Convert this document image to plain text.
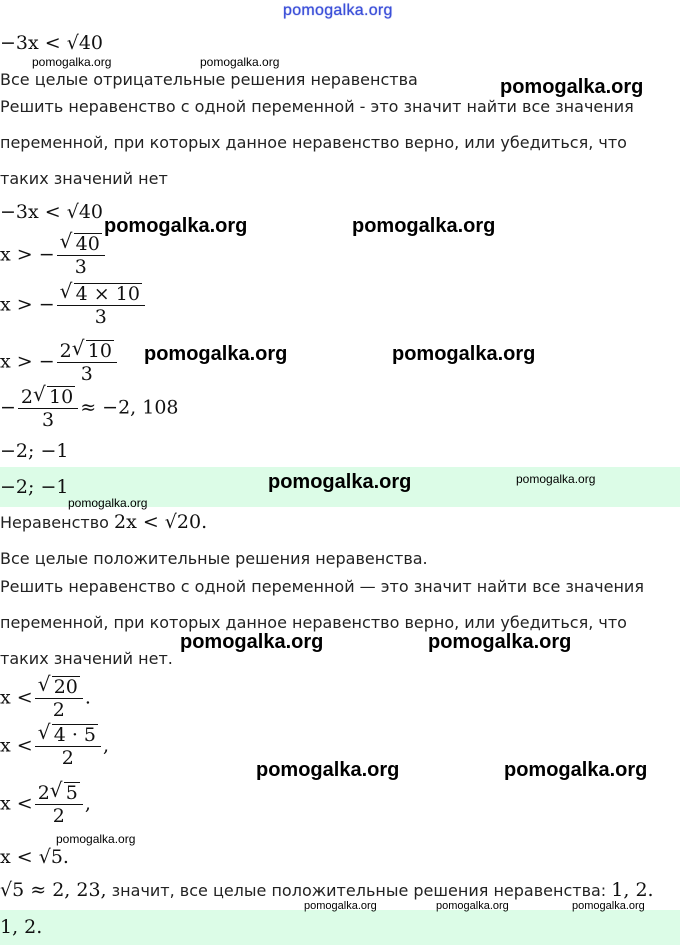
pomogalka.org
pomogalka.org	pomogalka.org
pomogalka.org
pomogalka.org	pomogalka.org
pomogalka.org	pomogalka.org
pomogalka.org	pomogalka.org
pomogalka.org
pomogalka.org	pomogalka.org
pomogalka.org	pomogalka.org
pomogalka.org
pomogalka.org	pomogalka.org	pomogalka.org
−3x < √40
Все целые отрицательные решения неравенства
Решить неравенство с одной переменной - это значит найти все значения
переменной, при которых данное неравенство верно, или убедиться, что
таких значений нет
−3x < √40
x > − √ $\frac{40}{3}$
x > − √ $\frac{4 \times 10}{3}$
x > − $\frac{2 √ 10}{3}$
− $\frac{2 √ 10}{3} \approx -2$, 108
−2; −1
−2; −1
Неравенство 2x < √20.
Все целые положительные решения неравенства.
Решить неравенство с одной переменной — это значит найти все значения
переменной, при которых данное неравенство верно, или убедиться, что
таких значений нет.
x < √ $\frac{20}{2}$ .
x < √ $\frac{4 \cdot 5}{2}$ ,
$x < \frac{2 √ 5}{2}$ ,
x < √5.
√5 ≈ 2, 23, значит, все целые положительные решения неравенства: 1, 2.
1, 2.
